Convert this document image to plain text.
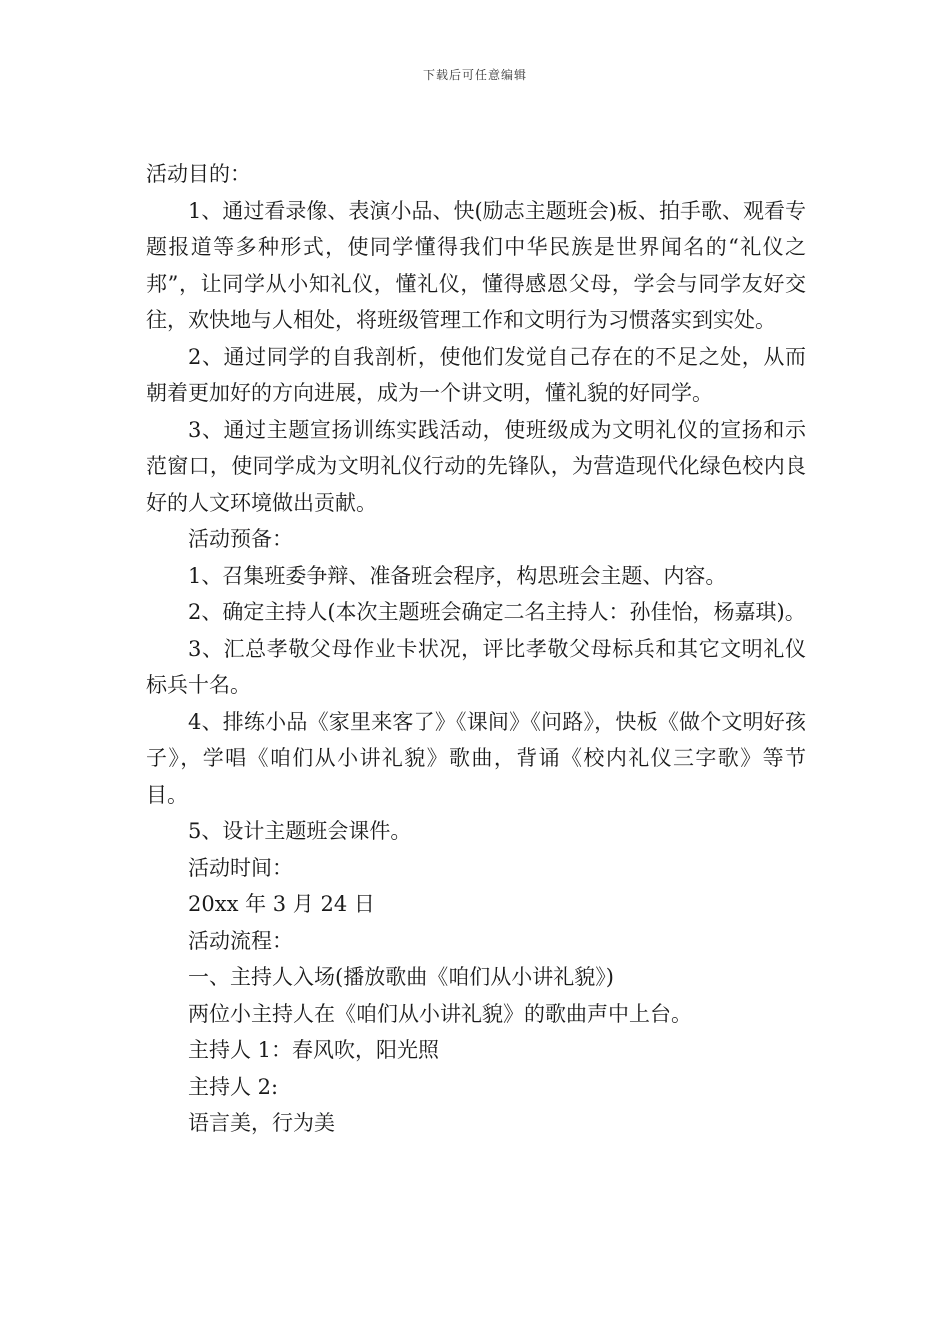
下载后可任意编辑

活动目的：

1、通过看录像、表演小品、快(励志主题班会)板、拍手歌、观看专题报道等多种形式，使同学懂得我们中华民族是世界闻名的“礼仪之邦”，让同学从小知礼仪，懂礼仪，懂得感恩父母，学会与同学友好交往，欢快地与人相处，将班级管理工作和文明行为习惯落实到实处。

2、通过同学的自我剖析，使他们发觉自己存在的不足之处，从而朝着更加好的方向进展，成为一个讲文明，懂礼貌的好同学。

3、通过主题宣扬训练实践活动，使班级成为文明礼仪的宣扬和示范窗口，使同学成为文明礼仪行动的先锋队，为营造现代化绿色校内良好的人文环境做出贡献。

活动预备：

1、召集班委争辩、准备班会程序，构思班会主题、内容。

2、确定主持人(本次主题班会确定二名主持人：孙佳怡，杨嘉琪)。

3、汇总孝敬父母作业卡状况，评比孝敬父母标兵和其它文明礼仪标兵十名。

4、排练小品《家里来客了》《课间》《问路》，快板《做个文明好孩子》，学唱《咱们从小讲礼貌》歌曲，背诵《校内礼仪三字歌》等节目。

5、设计主题班会课件。

活动时间：

20xx 年 3 月 24 日

活动流程：

一、主持人入场(播放歌曲《咱们从小讲礼貌》)

两位小主持人在《咱们从小讲礼貌》的歌曲声中上台。

主持人 1：春风吹，阳光照

主持人 2:

语言美，行为美
